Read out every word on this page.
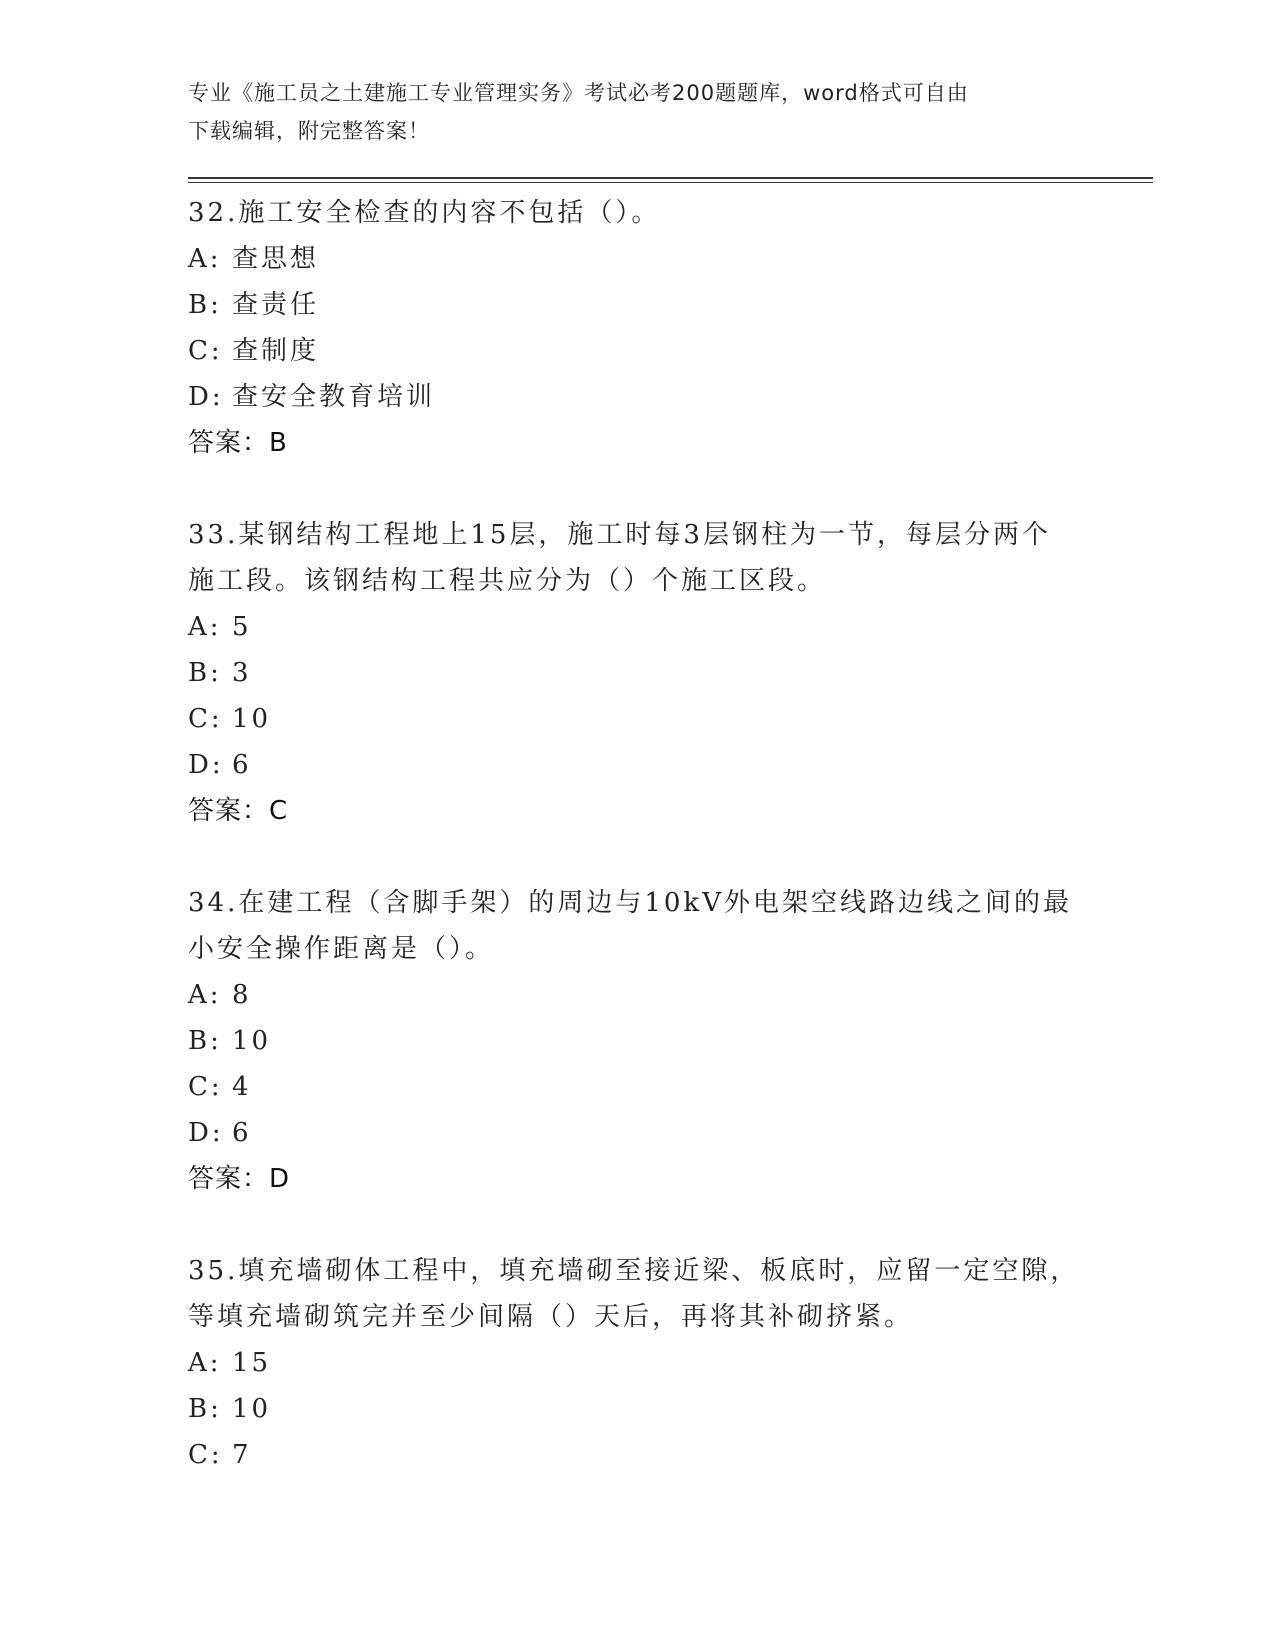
专业《施工员之土建施工专业管理实务》考试必考200题题库，word格式可自由
下载编辑，附完整答案！
32.施工安全检查的内容不包括（）。
A: 查思想
B: 查责任
C: 查制度
D: 查安全教育培训
答案：B
33.某钢结构工程地上15层，施工时每3层钢柱为一节，每层分两个
施工段。该钢结构工程共应分为（）个施工区段。
A: 5
B: 3
C: 10
D: 6
答案：C
34.在建工程（含脚手架）的周边与10kV外电架空线路边线之间的最
小安全操作距离是（）。
A: 8
B: 10
C: 4
D: 6
答案：D
35.填充墙砌体工程中，填充墙砌至接近梁、板底时，应留一定空隙，
等填充墙砌筑完并至少间隔（）天后，再将其补砌挤紧。
A: 15
B: 10
C: 7
